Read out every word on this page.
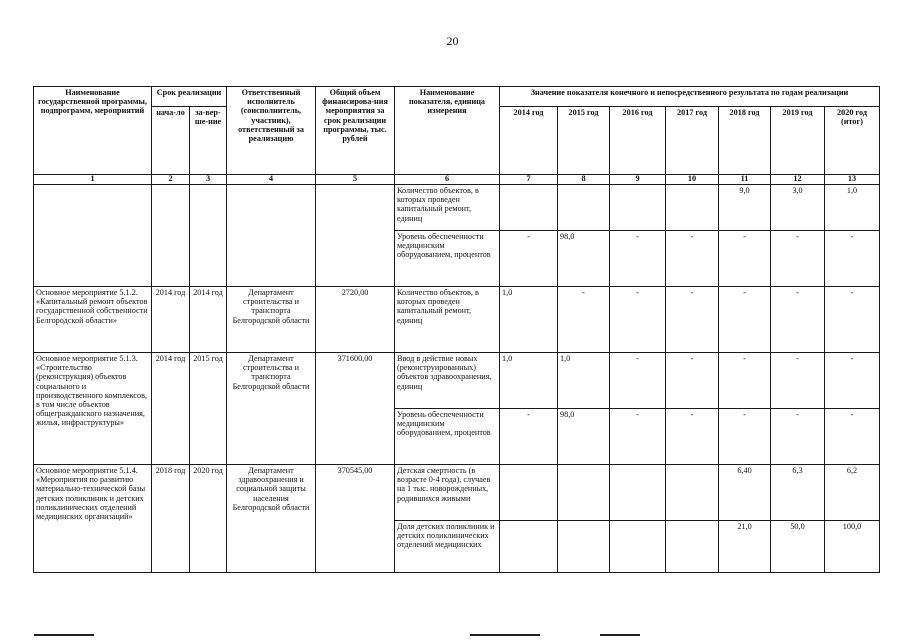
20
Наименование государственной программы, подпрограмм, мероприятий	Срок реализации		Ответственный исполнитель (соисполнитель, участник), ответственный за реализацию	Общий объем финансирова-ния мероприятия за срок реализации программы, тыс. рублей	Наименование показателя, единица измерения	Значение показателя конечного и непосредственного результата по годам реализации						
	нача-ло	за-вер-ше-ние				2014 год	2015 год	2016 год	2017 год	2018 год	2019 год	2020 год (итог)
1	2	3	4	5	6	7	8	9	10	11	12	13
					Количество объектов, в которых проведен капитальный ремонт, единиц					9,0	3,0	1,0
					Уровень обеспеченности медицинским оборудованием, процентов	-	98,0	-	-	-	-	-
Основное мероприятие 5.1.2. «Капитальный ремонт объектов государственной собственности Белгородской области»	2014 год	2014 год	Департамент строительства и транспорта Белгородской области	2720,00	Количество объектов, в которых проведен капитальный ремонт, единиц	1,0	-	-	-	-	-	-
Основное мероприятие 5.1.3. «Строительство (реконструкция) объектов социального и производственного комплексов, в том числе объектов общегражданского назначения, жилья, инфраструктуры»	2014 год	2015 год	Департамент строительства и транспорта Белгородской области	371600,00	Ввод в действие новых (реконструированных) объектов здравоохранения, единиц	1,0	1,0	-	-	-	-	-
					Уровень обеспеченности медицинским оборудованием, процентов	-	98,0	-	-	-	-	-
Основное мероприятие 5.1.4. «Мероприятия по развитию материально-технической базы детских поликлиник и детских поликлинических отделений медицинских организаций»	2018 год	2020 год	Департамент здравоохранения и социальной защиты населения Белгородской области	370545,00	Детская смертность (в возрасте 0-4 года), случаев на 1 тыс. новорожденных, родившихся живыми					6,40	6,3	6,2
					Доля детских поликлиник и детских поликлинических отделений медицинских					21,0	50,0	100,0
